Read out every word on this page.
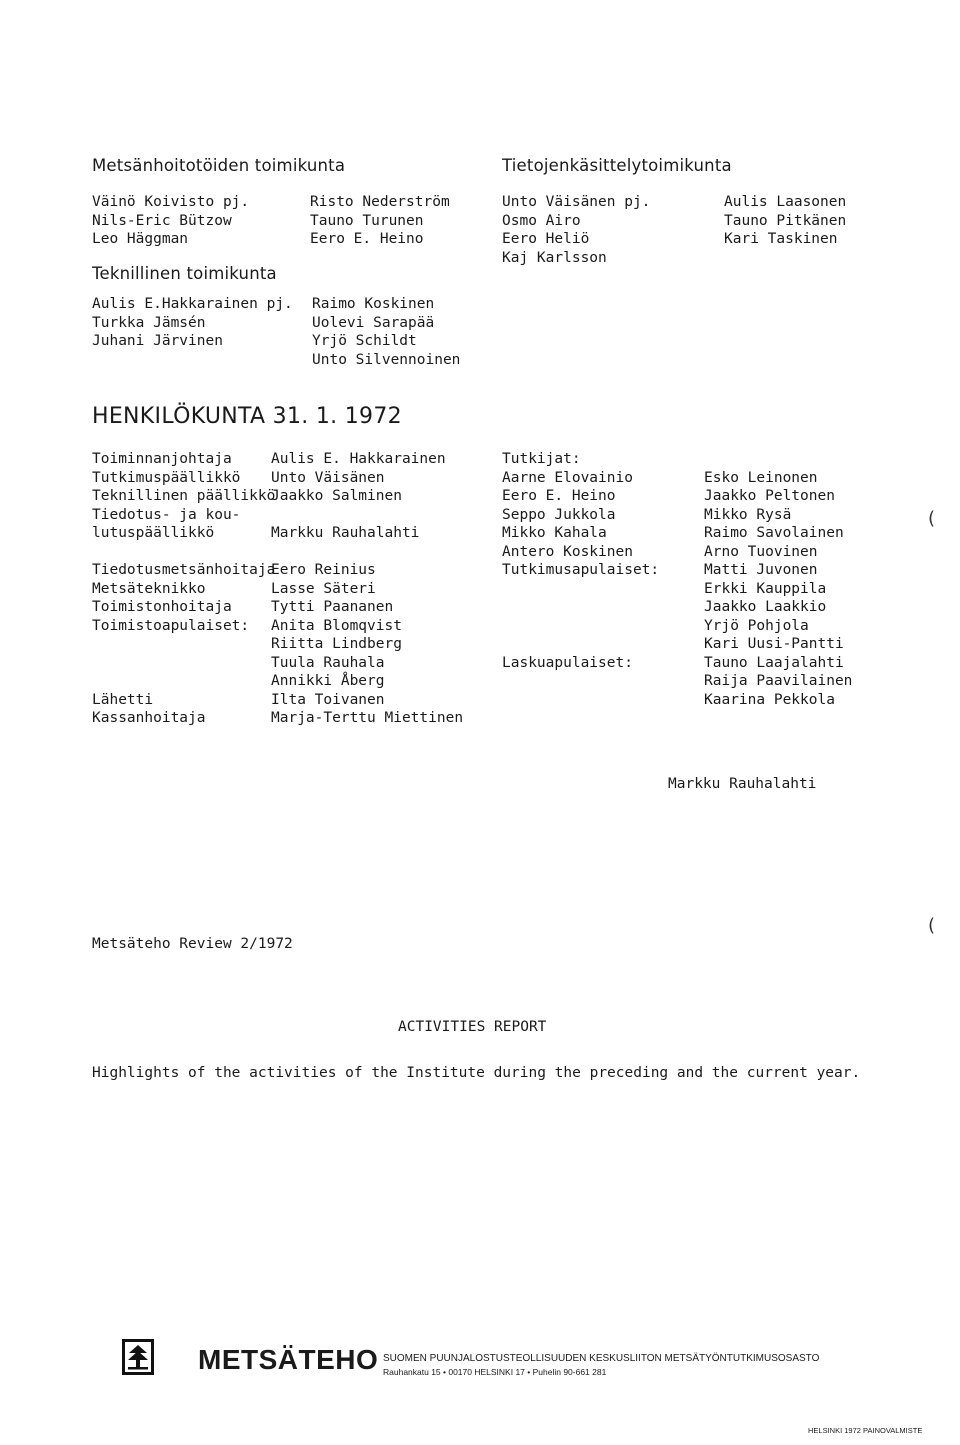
Metsänhoitotöiden toimikunta
Väinö Koivisto pj.
Nils-Eric Bützow
Leo Häggman
Risto Nederström
Tauno Turunen
Eero E. Heino
Teknillinen toimikunta
Aulis E.Hakkarainen pj.
Turkka Jämsén
Juhani Järvinen
Raimo Koskinen
Uolevi Sarapää
Yrjö Schildt
Unto Silvennoinen
Tietojenkäsittelytoimikunta
Unto Väisänen pj.
Osmo Airo
Eero Heliö
Kaj Karlsson
Aulis Laasonen
Tauno Pitkänen
Kari Taskinen
HENKILÖKUNTA 31. 1. 1972
Toiminnanjohtaja
Tutkimuspäällikkö
Teknillinen päällikkö
Tiedotus- ja kou-
lutuspäällikkö
Tiedotusmetsänhoitaja
Metsäteknikko
Toimistonhoitaja
Toimistoapulaiset:
Lähetti
Kassanhoitaja
Aulis E. Hakkarainen
Unto Väisänen
Jaakko Salminen
Markku Rauhalahti
Eero Reinius
Lasse Säteri
Tytti Paananen
Anita Blomqvist
Riitta Lindberg
Tuula Rauhala
Annikki Åberg
Ilta Toivanen
Marja-Terttu Miettinen
Tutkijat:
Aarne Elovainio
Eero E. Heino
Seppo Jukkola
Mikko Kahala
Antero Koskinen
Tutkimusapulaiset:
Laskuapulaiset:
Esko Leinonen
Jaakko Peltonen
Mikko Rysä
Raimo Savolainen
Arno Tuovinen
Matti Juvonen
Erkki Kauppila
Jaakko Laakkio
Yrjö Pohjola
Kari Uusi-Pantti
Tauno Laajalahti
Raija Paavilainen
Kaarina Pekkola
(
(
Markku Rauhalahti
Metsäteho Review 2/1972
ACTIVITIES REPORT
Highlights of the activities of the Institute during the preceding and the current year.
METSÄTEHO SUOMEN PUUNJALOSTUSTEOLLISUUDEN KESKUSLIITON METSÄTYÖNTUTKIMUSOSASTO
Rauhankatu 15 • 00170 HELSINKI 17 • Puhelin 90-661 281
HELSINKI 1972 PAINOVALMISTE
